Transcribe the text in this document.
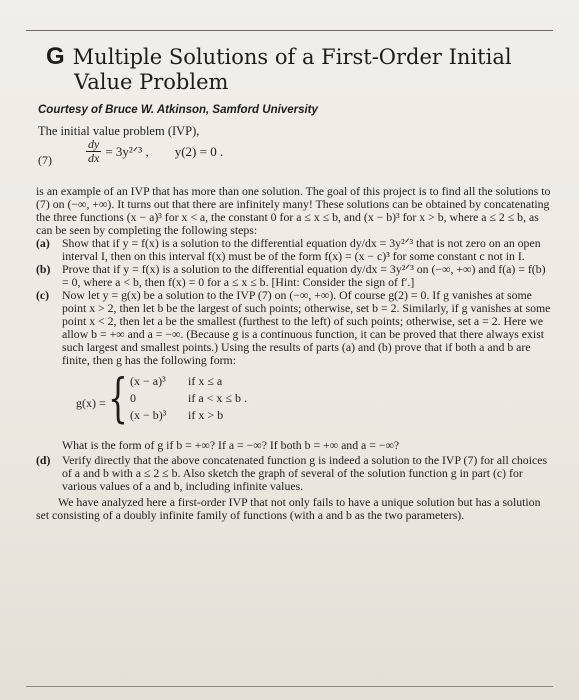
G Multiple Solutions of a First-Order Initial
Value Problem
Courtesy of Bruce W. Atkinson, Samford University
The initial value problem (IVP),
(7)	$\frac{dy}{dx}$ = 3y²ᐟ³ , y(2) = 0 .

is an example of an IVP that has more than one solution. The goal of this project is to find all the solutions to (7) on (−∞, +∞). It turns out that there are infinitely many! These solutions can be obtained by concatenating the three functions (x − a)³ for x < a, the constant 0 for a ≤ x ≤ b, and (x − b)³ for x > b, where a ≤ 2 ≤ b, as can be seen by completing the following steps:

(a) Show that if y = f(x) is a solution to the differential equation dy/dx = 3y²ᐟ³ that is not zero on an open interval I, then on this interval f(x) must be of the form f(x) = (x − c)³ for some constant c not in I.

(b) Prove that if y = f(x) is a solution to the differential equation dy/dx = 3y²ᐟ³ on (−∞, +∞) and f(a) = f(b) = 0, where a < b, then f(x) = 0 for a ≤ x ≤ b. [Hint: Consider the sign of f′.]

(c) Now let y = g(x) be a solution to the IVP (7) on (−∞, +∞). Of course g(2) = 0. If g vanishes at some point x > 2, then let b be the largest of such points; otherwise, set b = 2. Similarly, if g vanishes at some point x < 2, then let a be the smallest (furthest to the left) of such points; otherwise, set a = 2. Here we allow b = +∞ and a = −∞. (Because g is a continuous function, it can be proved that there always exist such largest and smallest points.) Using the results of parts (a) and (b) prove that if both a and b are finite, then g has the following form:

g(x) = { (x − a)³ if x ≤ a
0	if a < x ≤ b .
(x − b)³ if x > b

What is the form of g if b = +∞? If a = −∞? If both b = +∞ and a = −∞?

(d) Verify directly that the above concatenated function g is indeed a solution to the IVP (7) for all choices of a and b with a ≤ 2 ≤ b. Also sketch the graph of several of the solution function g in part (c) for various values of a and b, including infinite values.

We have analyzed here a first-order IVP that not only fails to have a unique solution but has a solution set consisting of a doubly infinite family of functions (with a and b as the two parameters).
